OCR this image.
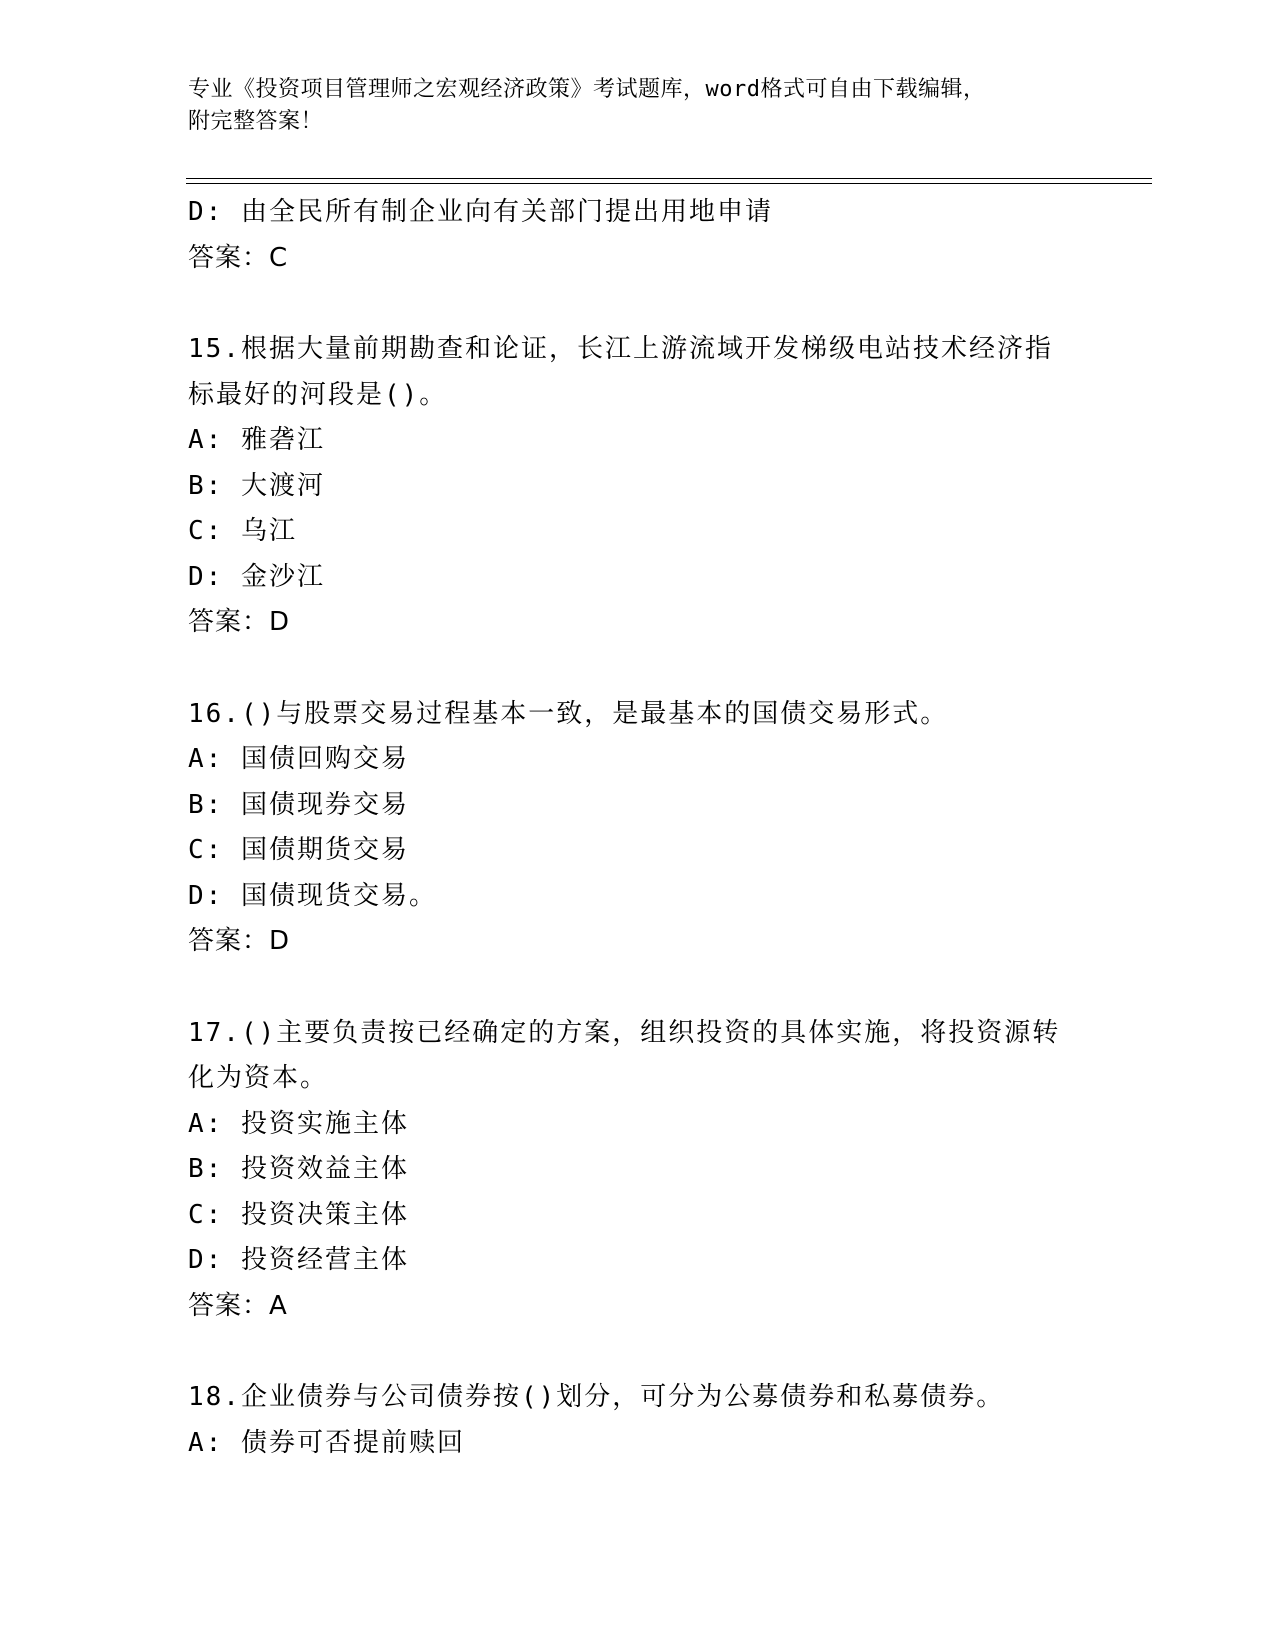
专业《投资项目管理师之宏观经济政策》考试题库，word格式可自由下载编辑，
附完整答案！
D: 由全民所有制企业向有关部门提出用地申请
答案：C
15.根据大量前期勘查和论证，长江上游流域开发梯级电站技术经济指
标最好的河段是()。
A: 雅砻江
B: 大渡河
C: 乌江
D: 金沙江
答案：D
16.()与股票交易过程基本一致，是最基本的国债交易形式。
A: 国债回购交易
B: 国债现券交易
C: 国债期货交易
D: 国债现货交易。
答案：D
17.()主要负责按已经确定的方案，组织投资的具体实施，将投资源转
化为资本。
A: 投资实施主体
B: 投资效益主体
C: 投资决策主体
D: 投资经营主体
答案：A
18.企业债券与公司债券按()划分，可分为公募债券和私募债券。
A: 债券可否提前赎回
